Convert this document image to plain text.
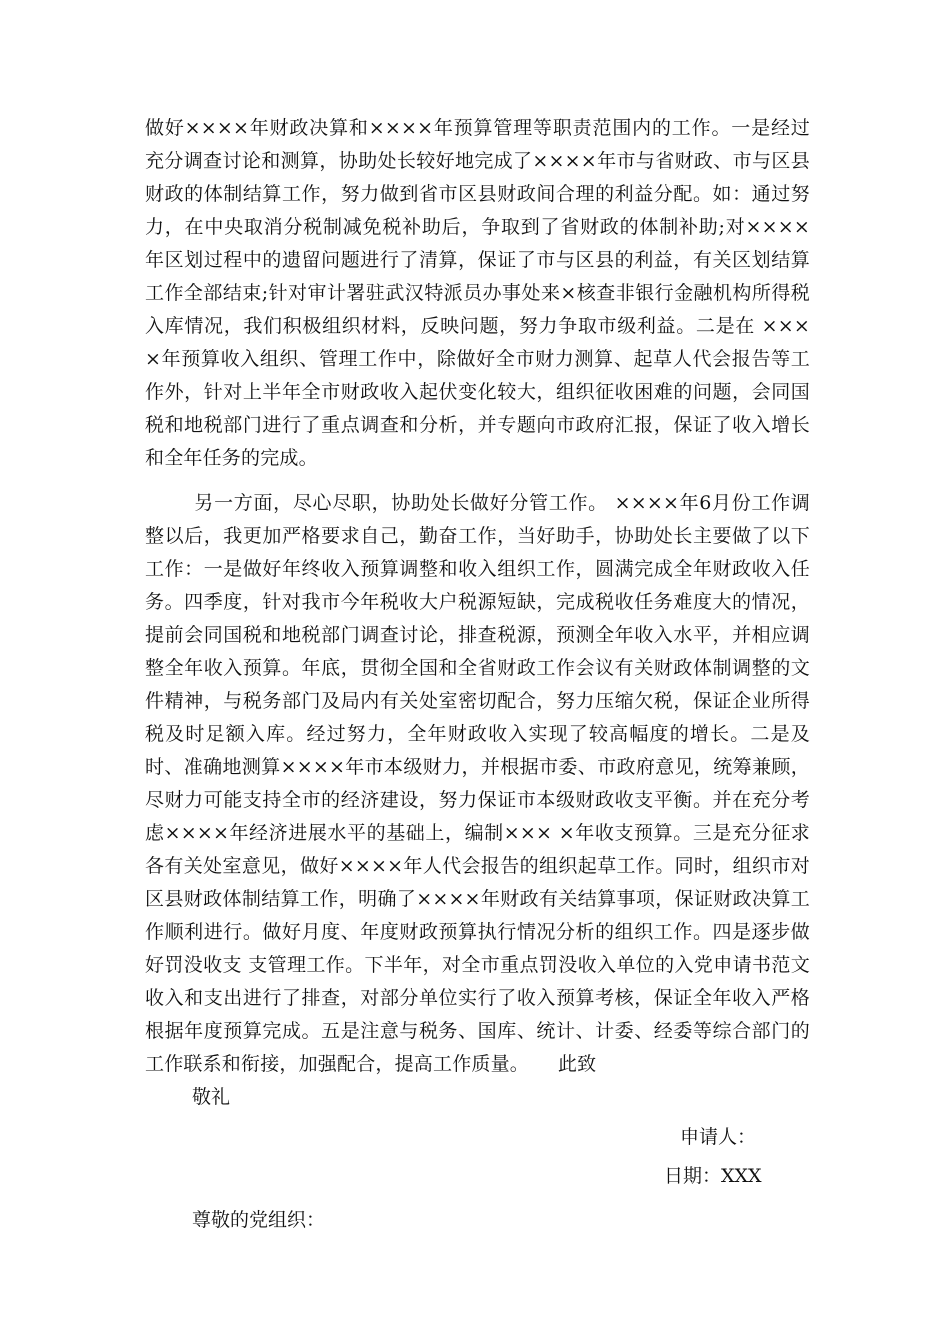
做好××××年财政决算和××××年预算管理等职责范围内的工作。一是经过充分调查讨论和测算，协助处长较好地完成了××××年市与省财政、市与区县财政的体制结算工作，努力做到省市区县财政间合理的利益分配。如：通过努力，在中央取消分税制减免税补助后，争取到了省财政的体制补助;对××××年区划过程中的遗留问题进行了清算，保证了市与区县的利益，有关区划结算工作全部结束;针对审计署驻武汉特派员办事处来×核查非银行金融机构所得税入库情况，我们积极组织材料，反映问题，努力争取市级利益。二是在 ××××年预算收入组织、管理工作中，除做好全市财力测算、起草人代会报告等工作外，针对上半年全市财政收入起伏变化较大，组织征收困难的问题，会同国税和地税部门进行了重点调查和分析，并专题向市政府汇报，保证了收入增长和全年任务的完成。

另一方面，尽心尽职，协助处长做好分管工作。 ××××年6月份工作调整以后，我更加严格要求自己，勤奋工作，当好助手，协助处长主要做了以下工作：一是做好年终收入预算调整和收入组织工作，圆满完成全年财政收入任务。四季度，针对我市今年税收大户税源短缺，完成税收任务难度大的情况，提前会同国税和地税部门调查讨论，排查税源，预测全年收入水平，并相应调整全年收入预算。年底，贯彻全国和全省财政工作会议有关财政体制调整的文件精神，与税务部门及局内有关处室密切配合，努力压缩欠税，保证企业所得税及时足额入库。经过努力，全年财政收入实现了较高幅度的增长。二是及时、准确地测算××××年市本级财力，并根据市委、市政府意见，统筹兼顾，尽财力可能支持全市的经济建设，努力保证市本级财政收支平衡。并在充分考虑××××年经济进展水平的基础上，编制××× ×年收支预算。三是充分征求各有关处室意见，做好××××年人代会报告的组织起草工作。同时，组织市对区县财政体制结算工作，明确了××××年财政有关结算事项，保证财政决算工作顺利进行。做好月度、年度财政预算执行情况分析的组织工作。四是逐步做好罚没收支 支管理工作。下半年，对全市重点罚没收入单位的入党申请书范文收入和支出进行了排查，对部分单位实行了收入预算考核，保证全年收入严格根据年度预算完成。五是注意与税务、国库、统计、计委、经委等综合部门的工作联系和衔接，加强配合，提高工作质量。　　此致

敬礼
申请人：
日期：XXX
尊敬的党组织：
